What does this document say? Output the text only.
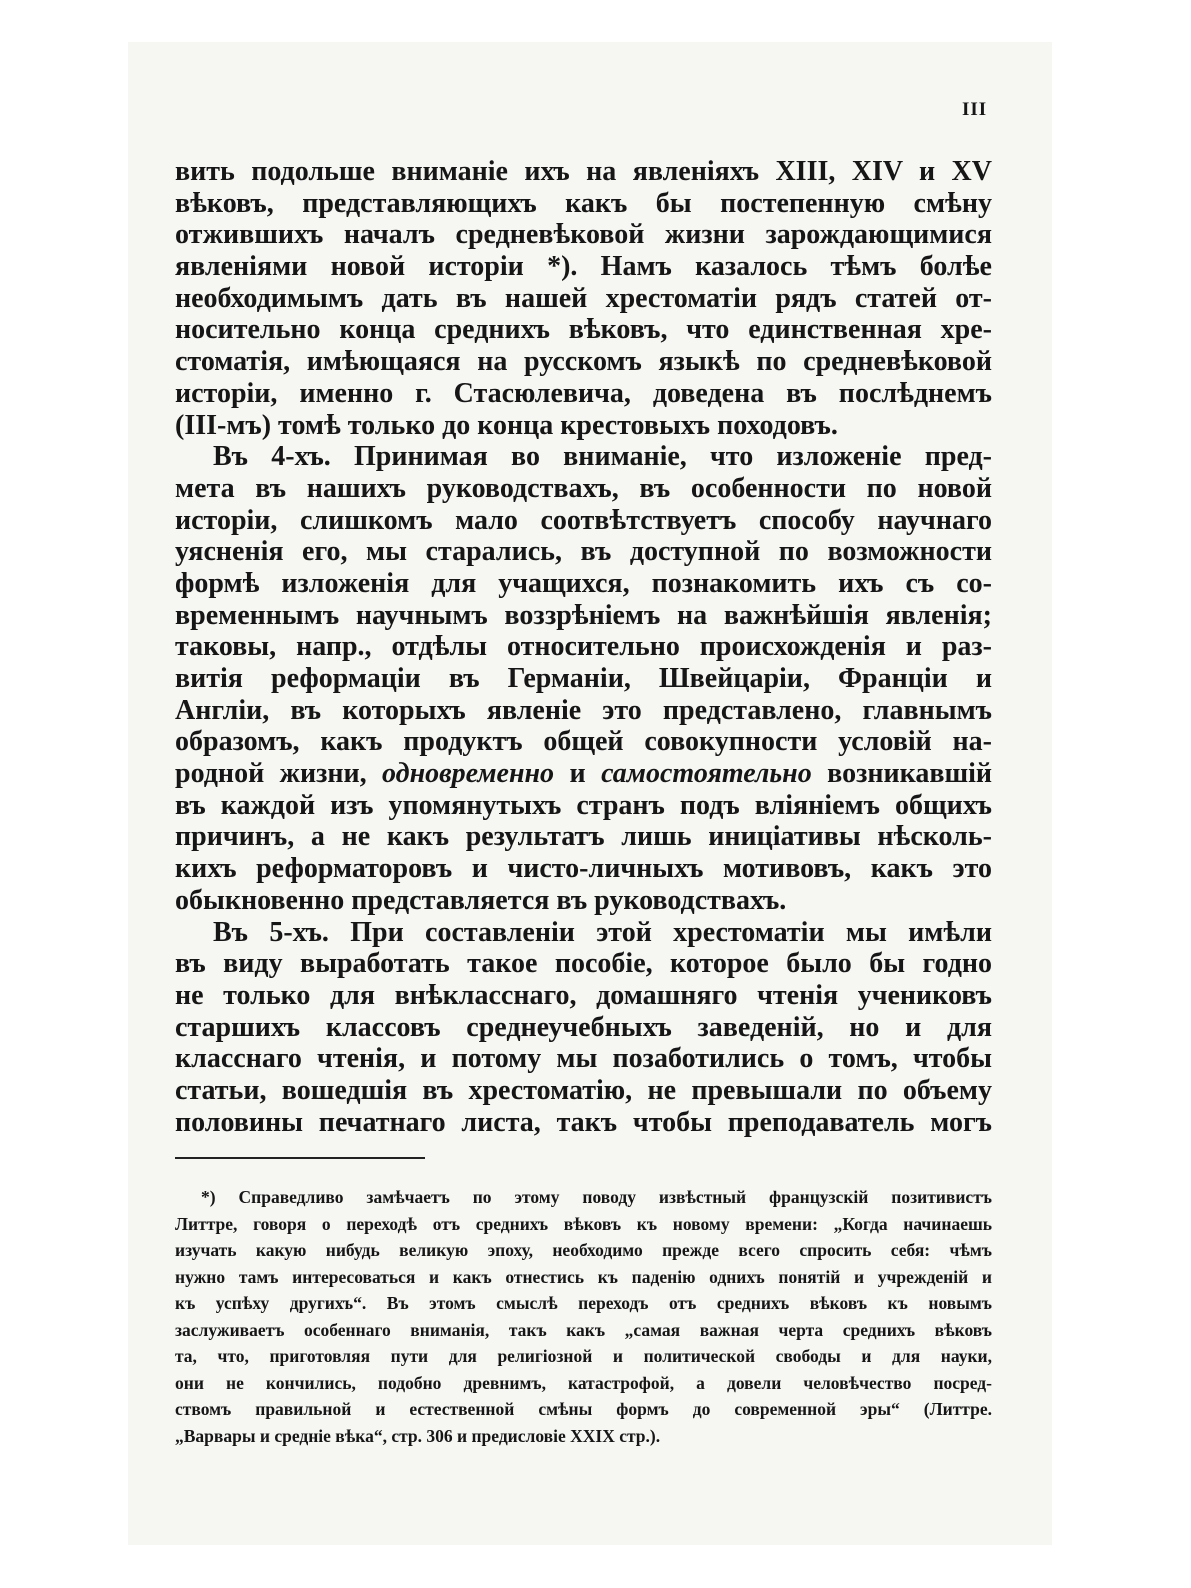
III
вить подольше вниманіе ихъ на явленіяхъ XIII, XIV и XV
вѣковъ, представляющихъ какъ бы постепенную смѣну
отжившихъ началъ средневѣковой жизни зарождающимися
явленіями новой исторіи *). Намъ казалось тѣмъ болѣе
необходимымъ дать въ нашей хрестоматіи рядъ статей от-
носительно конца среднихъ вѣковъ, что единственная хре-
стоматія, имѣющаяся на русскомъ языкѣ по средневѣковой
исторіи, именно г. Стасюлевича, доведена въ послѣднемъ
(III-мъ) томѣ только до конца крестовыхъ походовъ.
Въ 4-хъ. Принимая во вниманіе, что изложеніе пред-
мета въ нашихъ руководствахъ, въ особенности по новой
исторіи, слишкомъ мало соотвѣтствуетъ способу научнаго
уясненія его, мы старались, въ доступной по возможности
формѣ изложенія для учащихся, познакомить ихъ съ со-
временнымъ научнымъ воззрѣніемъ на важнѣйшія явленія;
таковы, напр., отдѣлы относительно происхожденія и раз-
витія реформаціи въ Германіи, Швейцаріи, Франціи и
Англіи, въ которыхъ явленіе это представлено, главнымъ
образомъ, какъ продуктъ общей совокупности условій на-
родной жизни, одновременно и самостоятельно возникавшій
въ каждой изъ упомянутыхъ странъ подъ вліяніемъ общихъ
причинъ, а не какъ результатъ лишь иниціативы нѣсколь-
кихъ реформаторовъ и чисто-личныхъ мотивовъ, какъ это
обыкновенно представляется въ руководствахъ.
Въ 5-хъ. При составленіи этой хрестоматіи мы имѣли
въ виду выработать такое пособіе, которое было бы годно
не только для внѣкласснаго, домашняго чтенія учениковъ
старшихъ классовъ среднеучебныхъ заведеній, но и для
класснаго чтенія, и потому мы позаботились о томъ, чтобы
статьи, вошедшія въ хрестоматію, не превышали по объему
половины печатнаго листа, такъ чтобы преподаватель могъ
*) Справедливо замѣчаетъ по этому поводу извѣстный французскій позитивистъ
Литтре, говоря о переходѣ отъ среднихъ вѣковъ къ новому времени: „Когда начинаешь
изучать какую нибудь великую эпоху, необходимо прежде всего спросить себя: чѣмъ
нужно тамъ интересоваться и какъ отнестись къ паденію однихъ понятій и учрежденій и
къ успѣху другихъ“. Въ этомъ смыслѣ переходъ отъ среднихъ вѣковъ къ новымъ
заслуживаетъ особеннаго вниманія, такъ какъ „самая важная черта среднихъ вѣковъ
та, что, приготовляя пути для религіозной и политической свободы и для науки,
они не кончились, подобно древнимъ, катастрофой, а довели человѣчество посред-
ствомъ правильной и естественной смѣны формъ до современной эры“ (Литтре.
„Варвары и средніе вѣка“, стр. 306 и предисловіе XXIX стр.).
